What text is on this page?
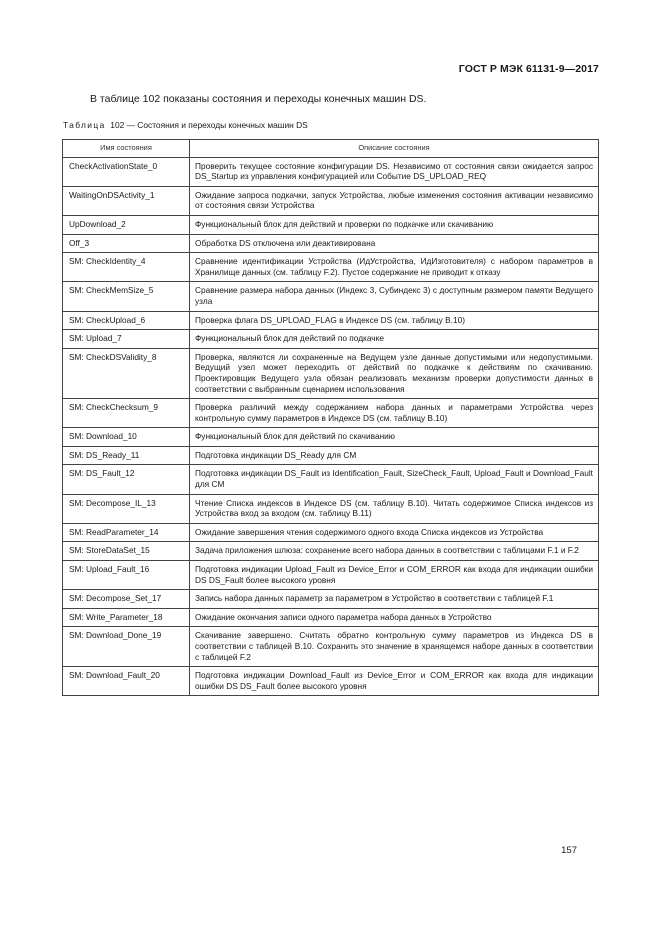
ГОСТ Р МЭК 61131-9—2017
В таблице 102 показаны состояния и переходы конечных машин DS.
Таблица 102 — Состояния и переходы конечных машин DS
Имя состояния	Описание состояния
CheckActivationState_0	Проверить текущее состояние конфигурации DS. Независимо от состояния связи ожидается запрос DS_Startup из управления конфигурацией или Событие DS_UPLOAD_REQ
WaitingOnDSActivity_1	Ожидание запроса подкачки, запуск Устройства, любые изменения состояния активации независимо от состояния связи Устройства
UpDownload_2	Функциональный блок для действий и проверки по подкачке или скачиванию
Off_3	Обработка DS отключена или деактивирована
SM: CheckIdentity_4	Сравнение идентификации Устройства (ИдУстройства, ИдИзготовителя) с набором параметров в Хранилище данных (см. таблицу F.2). Пустое содержание не приводит к отказу
SM: CheckMemSize_5	Сравнение размера набора данных (Индекс 3, Субиндекс 3) с доступным размером памяти Ведущего узла
SM: CheckUpload_6	Проверка флага DS_UPLOAD_FLAG в Индексе DS (см. таблицу В.10)
SM: Upload_7	Функциональный блок для действий по подкачке
SM: CheckDSValidity_8	Проверка, являются ли сохраненные на Ведущем узле данные допустимыми или недопустимыми. Ведущий узел может переходить от действий по подкачке к действиям по скачиванию. Проектировщик Ведущего узла обязан реализовать механизм проверки допустимости данных в соответствии с выбранным сценарием использования
SM: CheckChecksum_9	Проверка различий между содержанием набора данных и параметрами Устройства через контрольную сумму параметров в Индексе DS (см. таблицу В.10)
SM: Download_10	Функциональный блок для действий по скачиванию
SM: DS_Ready_11	Подготовка индикации DS_Ready для CM
SM: DS_Fault_12	Подготовка индикации DS_Fault из Identification_Fault, SizeCheck_Fault, Upload_Fault и Download_Fault для CM
SM: Decompose_IL_13	Чтение Списка индексов в Индексе DS (см. таблицу В.10). Читать содержимое Списка индексов из Устройства вход за входом (см. таблицу В.11)
SM: ReadParameter_14	Ожидание завершения чтения содержимого одного входа Списка индексов из Устройства
SM: StoreDataSet_15	Задача приложения шлюза: сохранение всего набора данных в соответствии с таблицами F.1 и F.2
SM: Upload_Fault_16	Подготовка индикации Upload_Fault из Device_Error и COM_ERROR как входа для индикации ошибки DS DS_Fault более высокого уровня
SM: Decompose_Set_17	Запись набора данных параметр за параметром в Устройство в соответствии с таблицей F.1
SM: Write_Parameter_18	Ожидание окончания записи одного параметра набора данных в Устройство
SM: Download_Done_19	Скачивание завершено. Считать обратно контрольную сумму параметров из Индекса DS в соответствии с таблицей В.10. Сохранить это значение в хранящемся наборе данных в соответствии с таблицей F.2
SM: Download_Fault_20	Подготовка индикации Download_Fault из Device_Error и COM_ERROR как входа для индикации ошибки DS DS_Fault более высокого уровня
157
